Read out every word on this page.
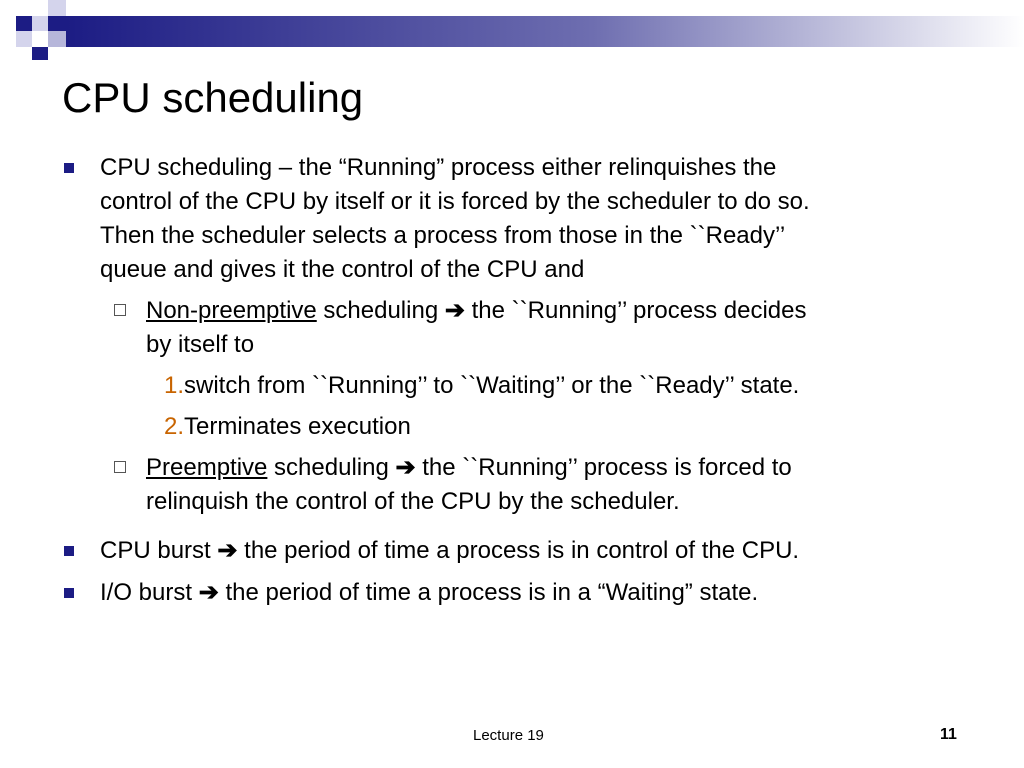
CPU scheduling
CPU scheduling – the “Running” process either relinquishes the
control of the CPU by itself or it is forced by the scheduler to do so.
Then the scheduler selects a process from those in the ``Ready’’
queue and gives it the control of the CPU and
Non-preemptive scheduling ➔ the ``Running’’ process decides
by itself to
1.switch from ``Running’’ to ``Waiting’’ or the ``Ready’’ state.
2.Terminates execution
Preemptive scheduling ➔ the ``Running’’ process is forced to
relinquish the control of the CPU by the scheduler.
CPU burst ➔ the period of time a process is in control of the CPU.
I/O burst ➔ the period of time a process is in a “Waiting” state.
Lecture 19	11
